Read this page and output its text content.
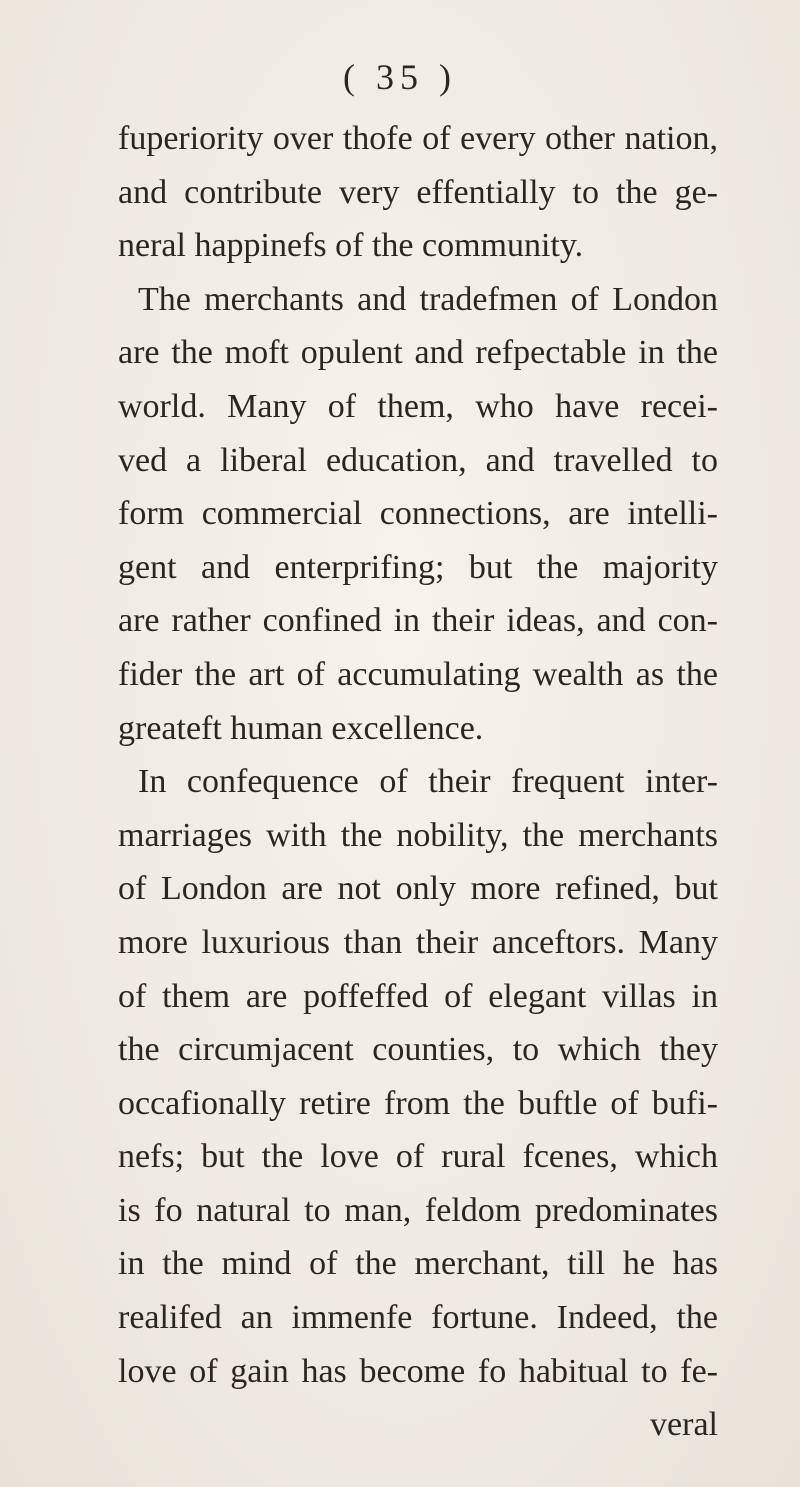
( 35 )
fuperiority over thofe of every other nation,
and contribute very effentially to the ge-
neral happinefs of the community.
The merchants and tradefmen of London
are the moft opulent and refpectable in the
world. Many of them, who have recei-
ved a liberal education, and travelled to
form commercial connections, are intelli-
gent and enterprifing; but the majority
are rather confined in their ideas, and con-
fider the art of accumulating wealth as the
greateft human excellence.
In confequence of their frequent inter-
marriages with the nobility, the merchants
of London are not only more refined, but
more luxurious than their anceftors. Many
of them are poffeffed of elegant villas in
the circumjacent counties, to which they
occafionally retire from the buftle of bufi-
nefs; but the love of rural fcenes, which
is fo natural to man, feldom predominates
in the mind of the merchant, till he has
realifed an immenfe fortune. Indeed, the
love of gain has become fo habitual to fe-
veral
